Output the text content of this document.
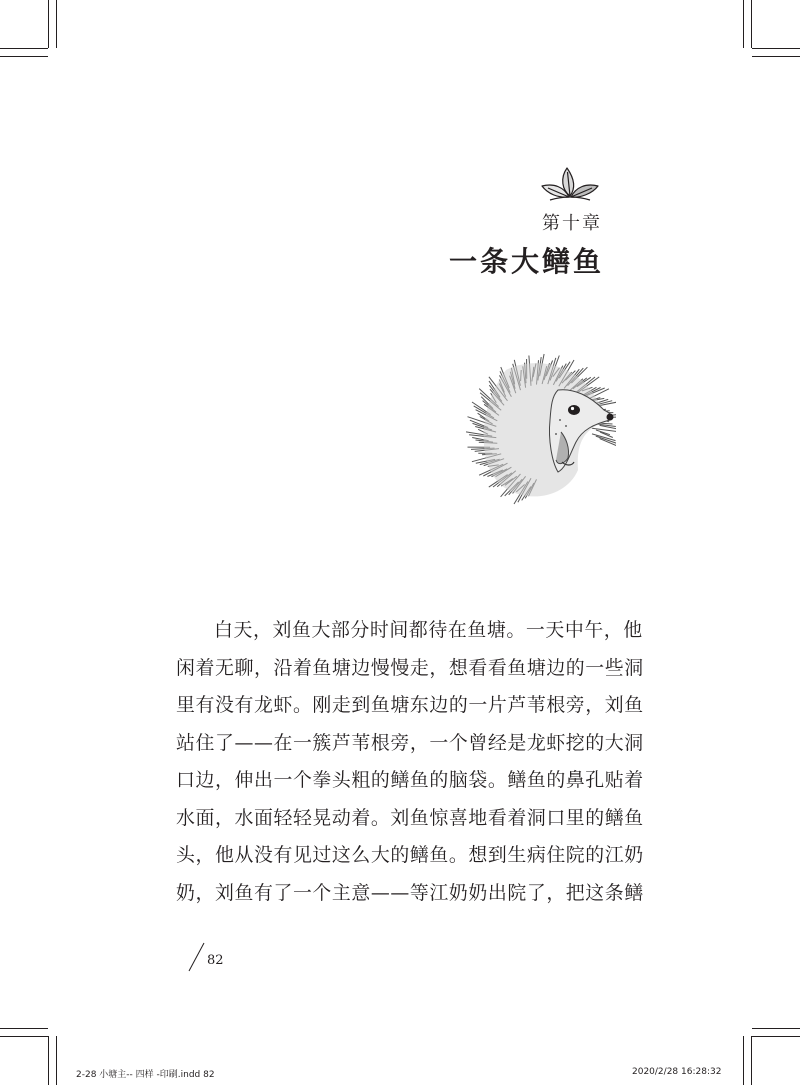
第十章
一条大鳝鱼
白天，刘鱼大部分时间都待在鱼塘。一天中午，他
闲着无聊，沿着鱼塘边慢慢走，想看看鱼塘边的一些洞
里有没有龙虾。刚走到鱼塘东边的一片芦苇根旁，刘鱼
站住了——在一簇芦苇根旁，一个曾经是龙虾挖的大洞
口边，伸出一个拳头粗的鳝鱼的脑袋。鳝鱼的鼻孔贴着
水面，水面轻轻晃动着。刘鱼惊喜地看着洞口里的鳝鱼
头，他从没有见过这么大的鳝鱼。想到生病住院的江奶
奶，刘鱼有了一个主意——等江奶奶出院了，把这条鳝
82
2-28 小塘主-- 四样 -印刷.indd 82	2020/2/28 16:28:32
